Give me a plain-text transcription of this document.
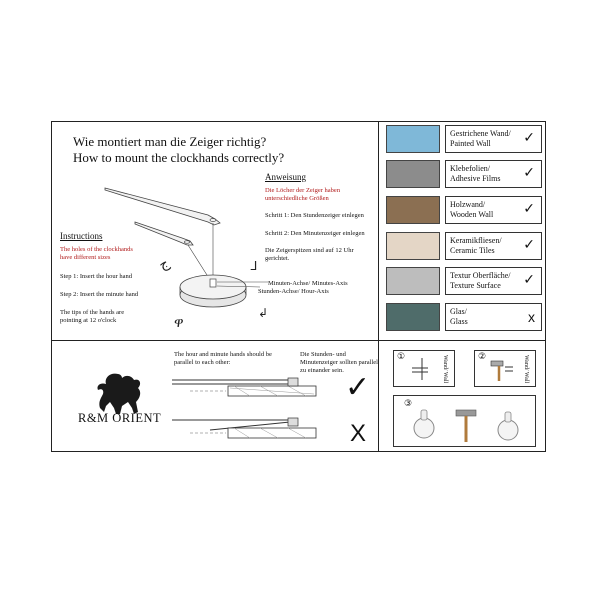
Wie montiert man die Zeiger richtig?
How to mount the clockhands correctly?
ج	ᒧ
ዋ
↲
Minuten-Achse/ Minutes-Axis
Stunden-Achse/ Hour-Axis
Instructions
The holes of the clockhands have different sizes
Step 1: Insert the hour hand
Step 2: Insert the minute hand
The tips of the hands are pointing at 12 o'clock
Anweisung
Die Löcher der Zeiger haben unterschiedliche Größen
Schritt 1: Den Stundenzeiger einlegen
Schritt 2: Den Minutenzeiger einlegen
Die Zeigerspitzen sind auf 12 Uhr gerichtet.
Gestrichene Wand/
Painted Wall	✓
Klebefolien/
Adhesive Films	✓
Holzwand/
Wooden Wall	✓
Keramikfliesen/
Ceramic Tiles	✓
Textur Oberfläche/
Texture Surface	✓
Glas/
Glass	x
R&M ORIENT
The hour and minute hands should be parallel to each other:
Die Stunden- und Minutenzeiger sollten parallel zu einander sein. ✓
X
①	Wand/ Wall	②	Wand/ Wall
③
